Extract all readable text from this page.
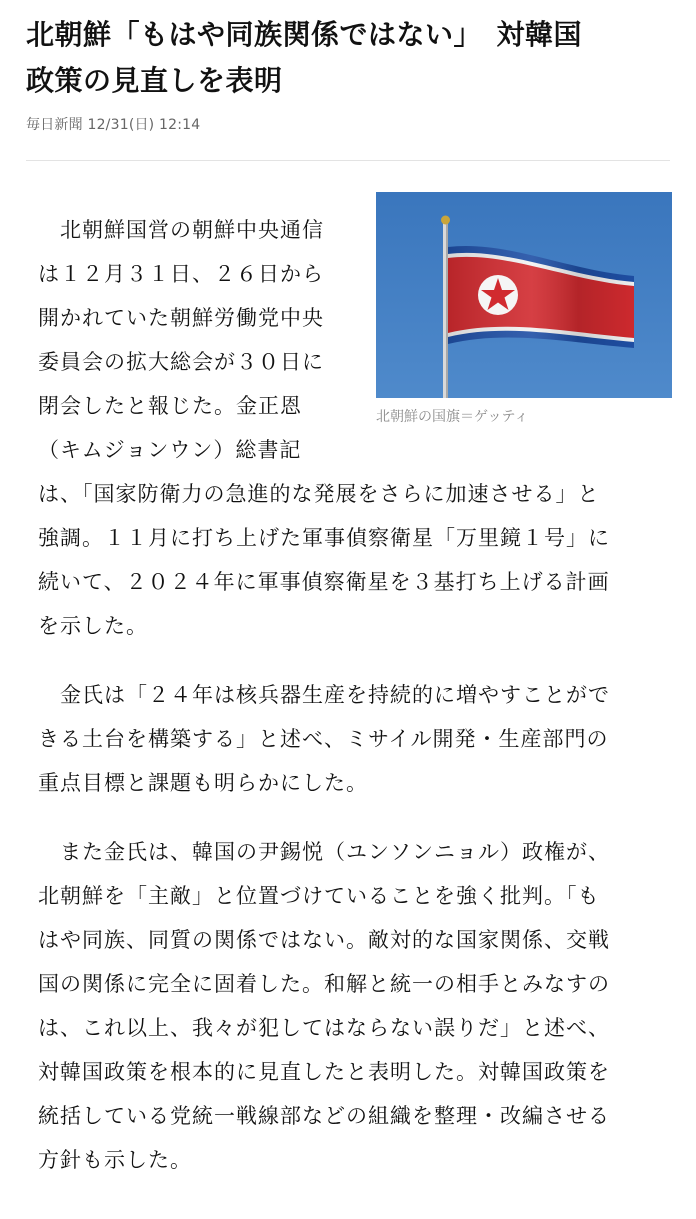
北朝鮮「もはや同族関係ではない」　対韓国
政策の見直しを表明
毎日新聞 12/31(日) 12:14
北朝鮮の国旗＝ゲッティ

北朝鮮国営の朝鮮中央通信
は１２月３１日、２６日から
開かれていた朝鮮労働党中央
委員会の拡大総会が３０日に
閉会したと報じた。金正恩
（キムジョンウン）総書記
は、「国家防衛力の急進的な発展をさらに加速させる」と
強調。１１月に打ち上げた軍事偵察衛星「万里鏡１号」に
続いて、２０２４年に軍事偵察衛星を３基打ち上げる計画
を示した。

金氏は「２４年は核兵器生産を持続的に増やすことがで
きる土台を構築する」と述べ、ミサイル開発・生産部門の
重点目標と課題も明らかにした。

また金氏は、韓国の尹錫悦（ユンソンニョル）政権が、
北朝鮮を「主敵」と位置づけていることを強く批判。「も
はや同族、同質の関係ではない。敵対的な国家関係、交戦
国の関係に完全に固着した。和解と統一の相手とみなすの
は、これ以上、我々が犯してはならない誤りだ」と述べ、
対韓国政策を根本的に見直したと表明した。対韓国政策を
統括している党統一戦線部などの組織を整理・改編させる
方針も示した。
